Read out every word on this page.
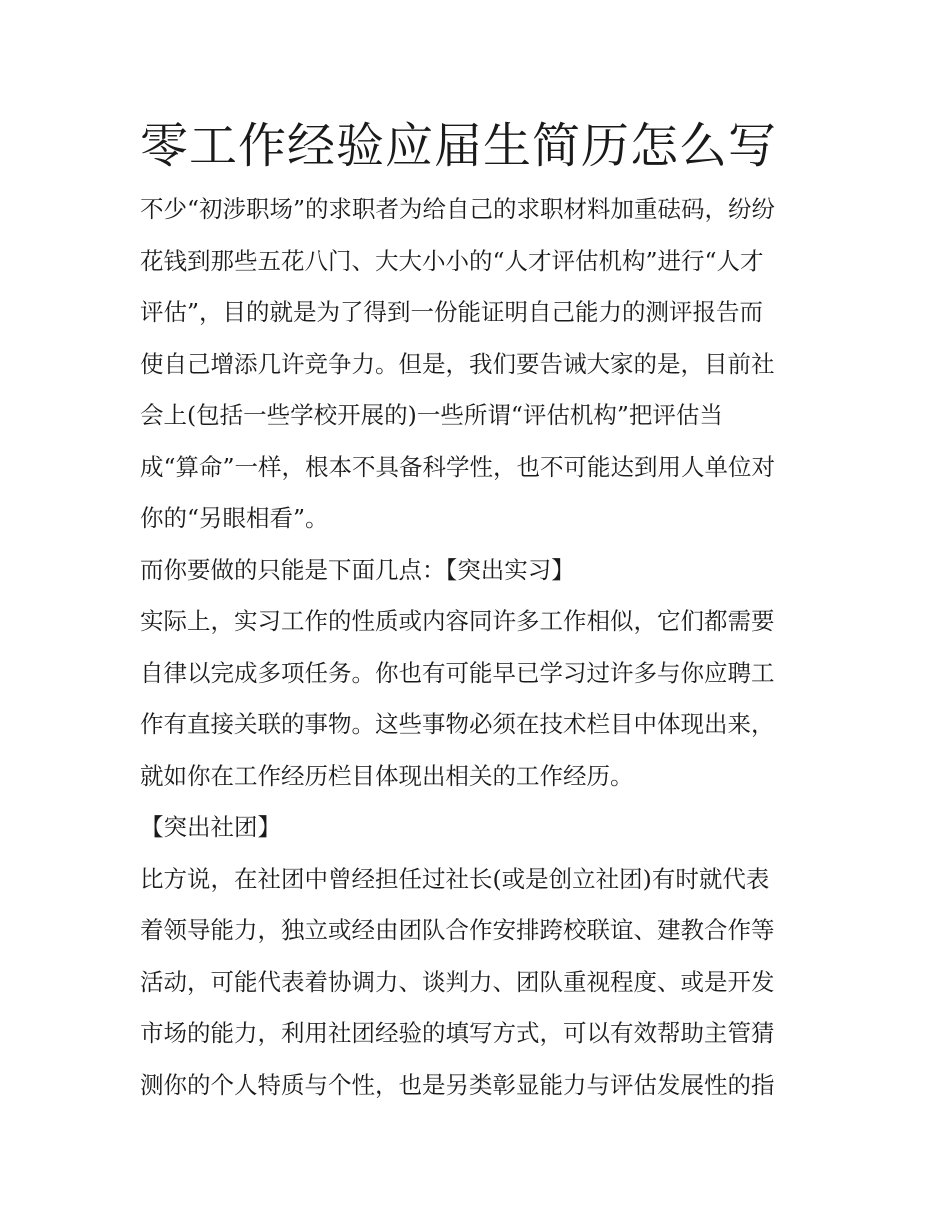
零工作经验应届生简历怎么写
不少“初涉职场”的求职者为给自己的求职材料加重砝码，纷纷
花钱到那些五花八门、大大小小的“人才评估机构”进行“人才
评估”，目的就是为了得到一份能证明自己能力的测评报告而
使自己增添几许竞争力。但是，我们要告诫大家的是，目前社
会上(包括一些学校开展的)一些所谓“评估机构”把评估当
成“算命”一样，根本不具备科学性，也不可能达到用人单位对
你的“另眼相看”。
而你要做的只能是下面几点：【突出实习】
实际上，实习工作的性质或内容同许多工作相似，它们都需要
自律以完成多项任务。你也有可能早已学习过许多与你应聘工
作有直接关联的事物。这些事物必须在技术栏目中体现出来，
就如你在工作经历栏目体现出相关的工作经历。
【突出社团】
比方说，在社团中曾经担任过社长(或是创立社团)有时就代表
着领导能力，独立或经由团队合作安排跨校联谊、建教合作等
活动，可能代表着协调力、谈判力、团队重视程度、或是开发
市场的能力，利用社团经验的填写方式，可以有效帮助主管猜
测你的个人特质与个性，也是另类彰显能力与评估发展性的指
